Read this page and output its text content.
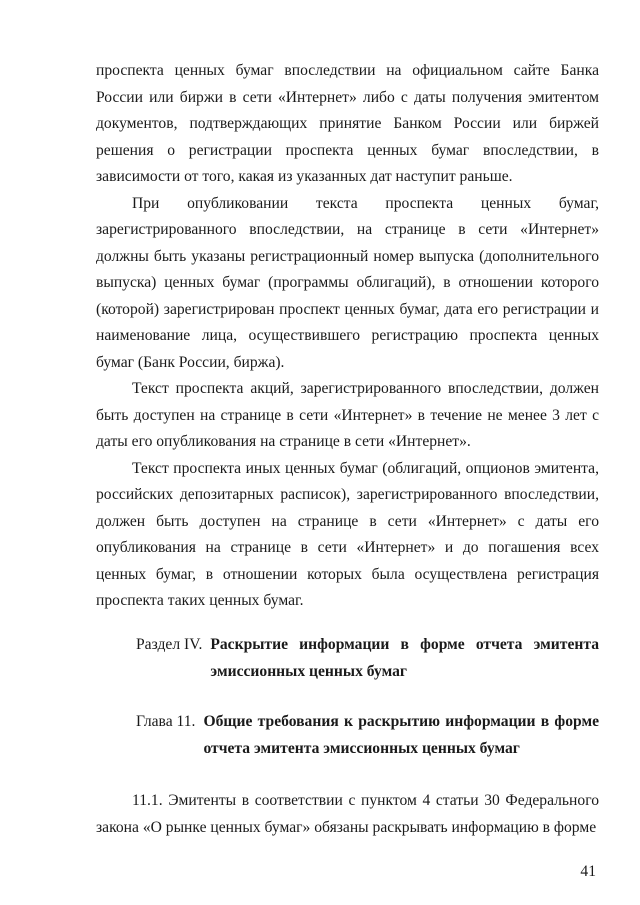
проспекта ценных бумаг впоследствии на официальном сайте Банка России или биржи в сети «Интернет» либо с даты получения эмитентом документов, подтверждающих принятие Банком России или биржей решения о регистрации проспекта ценных бумаг впоследствии, в зависимости от того, какая из указанных дат наступит раньше.

При опубликовании текста проспекта ценных бумаг, зарегистрированного впоследствии, на странице в сети «Интернет» должны быть указаны регистрационный номер выпуска (дополнительного выпуска) ценных бумаг (программы облигаций), в отношении которого (которой) зарегистрирован проспект ценных бумаг, дата его регистрации и наименование лица, осуществившего регистрацию проспекта ценных бумаг (Банк России, биржа).

Текст проспекта акций, зарегистрированного впоследствии, должен быть доступен на странице в сети «Интернет» в течение не менее 3 лет с даты его опубликования на странице в сети «Интернет».

Текст проспекта иных ценных бумаг (облигаций, опционов эмитента, российских депозитарных расписок), зарегистрированного впоследствии, должен быть доступен на странице в сети «Интернет» с даты его опубликования на странице в сети «Интернет» и до погашения всех ценных бумаг, в отношении которых была осуществлена регистрация проспекта таких ценных бумаг.

Раздел IV. Раскрытие информации в форме отчета эмитента эмиссионных ценных бумаг
Глава 11. Общие требования к раскрытию информации в форме отчета эмитента эмиссионных ценных бумаг

11.1. Эмитенты в соответствии с пунктом 4 статьи 30 Федерального закона «О рынке ценных бумаг» обязаны раскрывать информацию в форме

41
